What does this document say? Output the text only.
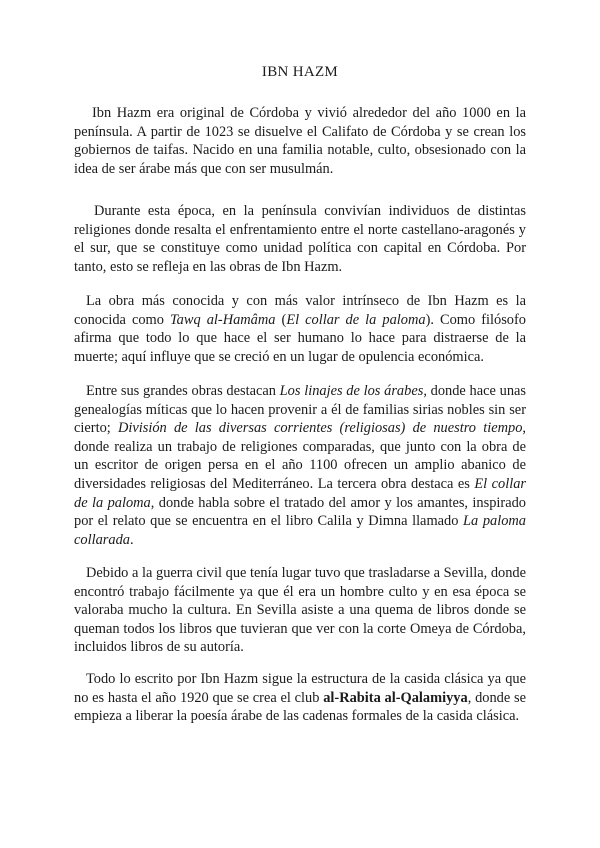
IBN HAZM

Ibn Hazm era original de Córdoba y vivió alrededor del año 1000 en la península. A partir de 1023 se disuelve el Califato de Córdoba y se crean los gobiernos de taifas. Nacido en una familia notable, culto, obsesionado con la idea de ser árabe más que con ser musulmán.

Durante esta época, en la península convivían individuos de distintas religiones donde resalta el enfrentamiento entre el norte castellano-aragonés y el sur, que se constituye como unidad política con capital en Córdoba. Por tanto, esto se refleja en las obras de Ibn Hazm.

La obra más conocida y con más valor intrínseco de Ibn Hazm es la conocida como Tawq al-Hamâma (El collar de la paloma). Como filósofo afirma que todo lo que hace el ser humano lo hace para distraerse de la muerte; aquí influye que se creció en un lugar de opulencia económica.

Entre sus grandes obras destacan Los linajes de los árabes, donde hace unas genealogías míticas que lo hacen provenir a él de familias sirias nobles sin ser cierto; División de las diversas corrientes (religiosas) de nuestro tiempo, donde realiza un trabajo de religiones comparadas, que junto con la obra de un escritor de origen persa en el año 1100 ofrecen un amplio abanico de diversidades religiosas del Mediterráneo. La tercera obra destaca es El collar de la paloma, donde habla sobre el tratado del amor y los amantes, inspirado por el relato que se encuentra en el libro Calila y Dimna llamado La paloma collarada.

Debido a la guerra civil que tenía lugar tuvo que trasladarse a Sevilla, donde encontró trabajo fácilmente ya que él era un hombre culto y en esa época se valoraba mucho la cultura. En Sevilla asiste a una quema de libros donde se queman todos los libros que tuvieran que ver con la corte Omeya de Córdoba, incluidos libros de su autoría.

Todo lo escrito por Ibn Hazm sigue la estructura de la casida clásica ya que no es hasta el año 1920 que se crea el club al-Rabita al-Qalamiyya, donde se empieza a liberar la poesía árabe de las cadenas formales de la casida clásica.
